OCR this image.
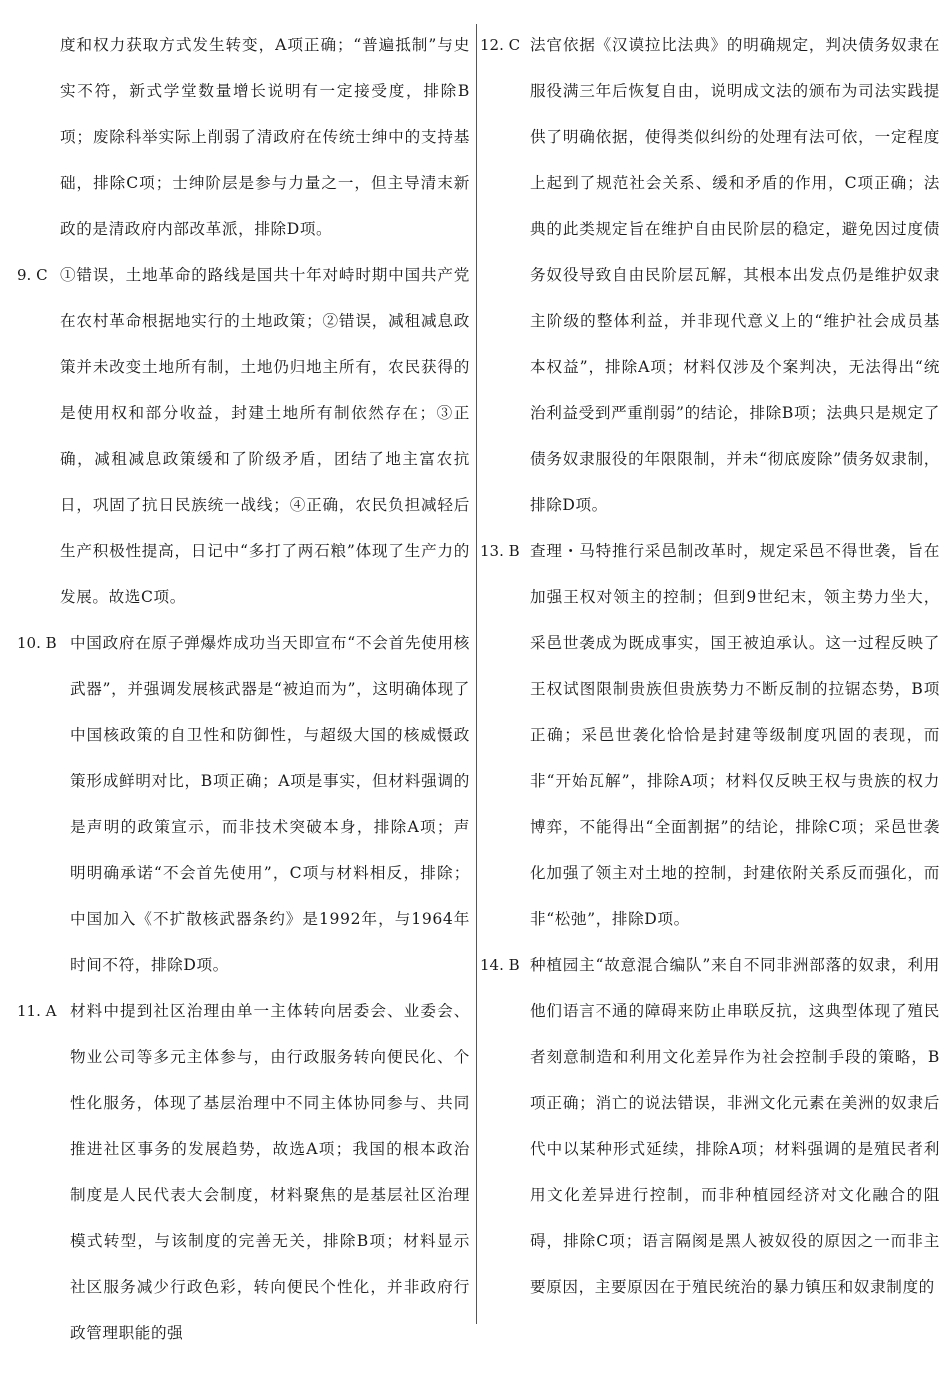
度和权力获取方式发生转变，A项正确；“普遍抵制”与史实不符，新式学堂数量增长说明有一定接受度，排除B项；废除科举实际上削弱了清政府在传统士绅中的支持基础，排除C项；士绅阶层是参与力量之一，但主导清末新政的是清政府内部改革派，排除D项。
9. C ①错误，土地革命的路线是国共十年对峙时期中国共产党在农村革命根据地实行的土地政策；②错误，减租减息政策并未改变土地所有制，土地仍归地主所有，农民获得的是使用权和部分收益，封建土地所有制依然存在；③正确，减租减息政策缓和了阶级矛盾，团结了地主富农抗日，巩固了抗日民族统一战线；④正确，农民负担减轻后生产积极性提高，日记中“多打了两石粮”体现了生产力的发展。故选C项。
10. B 中国政府在原子弹爆炸成功当天即宣布“不会首先使用核武器”，并强调发展核武器是“被迫而为”，这明确体现了中国核政策的自卫性和防御性，与超级大国的核威慑政策形成鲜明对比，B项正确；A项是事实，但材料强调的是声明的政策宣示，而非技术突破本身，排除A项；声明明确承诺“不会首先使用”，C项与材料相反，排除；中国加入《不扩散核武器条约》是1992年，与1964年时间不符，排除D项。
11. A 材料中提到社区治理由单一主体转向居委会、业委会、物业公司等多元主体参与，由行政服务转向便民化、个性化服务，体现了基层治理中不同主体协同参与、共同推进社区事务的发展趋势，故选A项；我国的根本政治制度是人民代表大会制度，材料聚焦的是基层社区治理模式转型，与该制度的完善无关，排除B项；材料显示社区服务减少行政色彩，转向便民个性化，并非政府行政管理职能的强
12. C 法官依据《汉谟拉比法典》的明确规定，判决债务奴隶在服役满三年后恢复自由，说明成文法的颁布为司法实践提供了明确依据，使得类似纠纷的处理有法可依，一定程度上起到了规范社会关系、缓和矛盾的作用，C项正确；法典的此类规定旨在维护自由民阶层的稳定，避免因过度债务奴役导致自由民阶层瓦解，其根本出发点仍是维护奴隶主阶级的整体利益，并非现代意义上的“维护社会成员基本权益”，排除A项；材料仅涉及个案判决，无法得出“统治利益受到严重削弱”的结论，排除B项；法典只是规定了债务奴隶服役的年限限制，并未“彻底废除”债务奴隶制，排除D项。
13. B 查理・马特推行采邑制改革时，规定采邑不得世袭，旨在加强王权对领主的控制；但到9世纪末，领主势力坐大，采邑世袭成为既成事实，国王被迫承认。这一过程反映了王权试图限制贵族但贵族势力不断反制的拉锯态势，B项正确；采邑世袭化恰恰是封建等级制度巩固的表现，而非“开始瓦解”，排除A项；材料仅反映王权与贵族的权力博弈，不能得出“全面割据”的结论，排除C项；采邑世袭化加强了领主对土地的控制，封建依附关系反而强化，而非“松弛”，排除D项。
14. B 种植园主“故意混合编队”来自不同非洲部落的奴隶，利用他们语言不通的障碍来防止串联反抗，这典型体现了殖民者刻意制造和利用文化差异作为社会控制手段的策略，B项正确；消亡的说法错误，非洲文化元素在美洲的奴隶后代中以某种形式延续，排除A项；材料强调的是殖民者利用文化差异进行控制，而非种植园经济对文化融合的阻碍，排除C项；语言隔阂是黑人被奴役的原因之一而非主要原因，主要原因在于殖民统治的暴力镇压和奴隶制度的
